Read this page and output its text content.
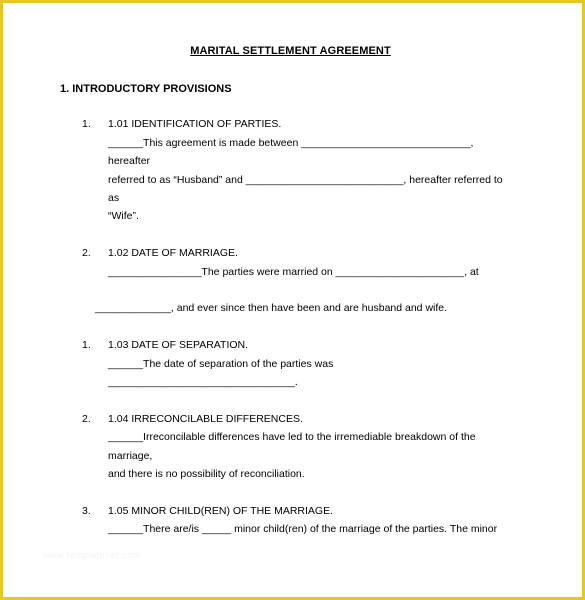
MARITAL SETTLEMENT AGREEMENT
1. INTRODUCTORY PROVISIONS
1. 1.01 IDENTIFICATION OF PARTIES.
______This agreement is made between _____________________________,
hereafter
referred to as “Husband” and ___________________________, hereafter referred to
as
“Wife”.
2. 1.02 DATE OF MARRIAGE.
________________The parties were married on ______________________, at
_____________, and ever since then have been and are husband and wife.
1. 1.03 DATE OF SEPARATION.
______The date of separation of the parties was
________________________________.
2. 1.04 IRRECONCILABLE DIFFERENCES.
______Irreconcilable differences have led to the irremediable breakdown of the
marriage,
and there is no possibility of reconciliation.
3. 1.05 MINOR CHILD(REN) OF THE MARRIAGE.
______There are/is _____ minor child(ren) of the marriage of the parties. The minor
www.templatenet.com
